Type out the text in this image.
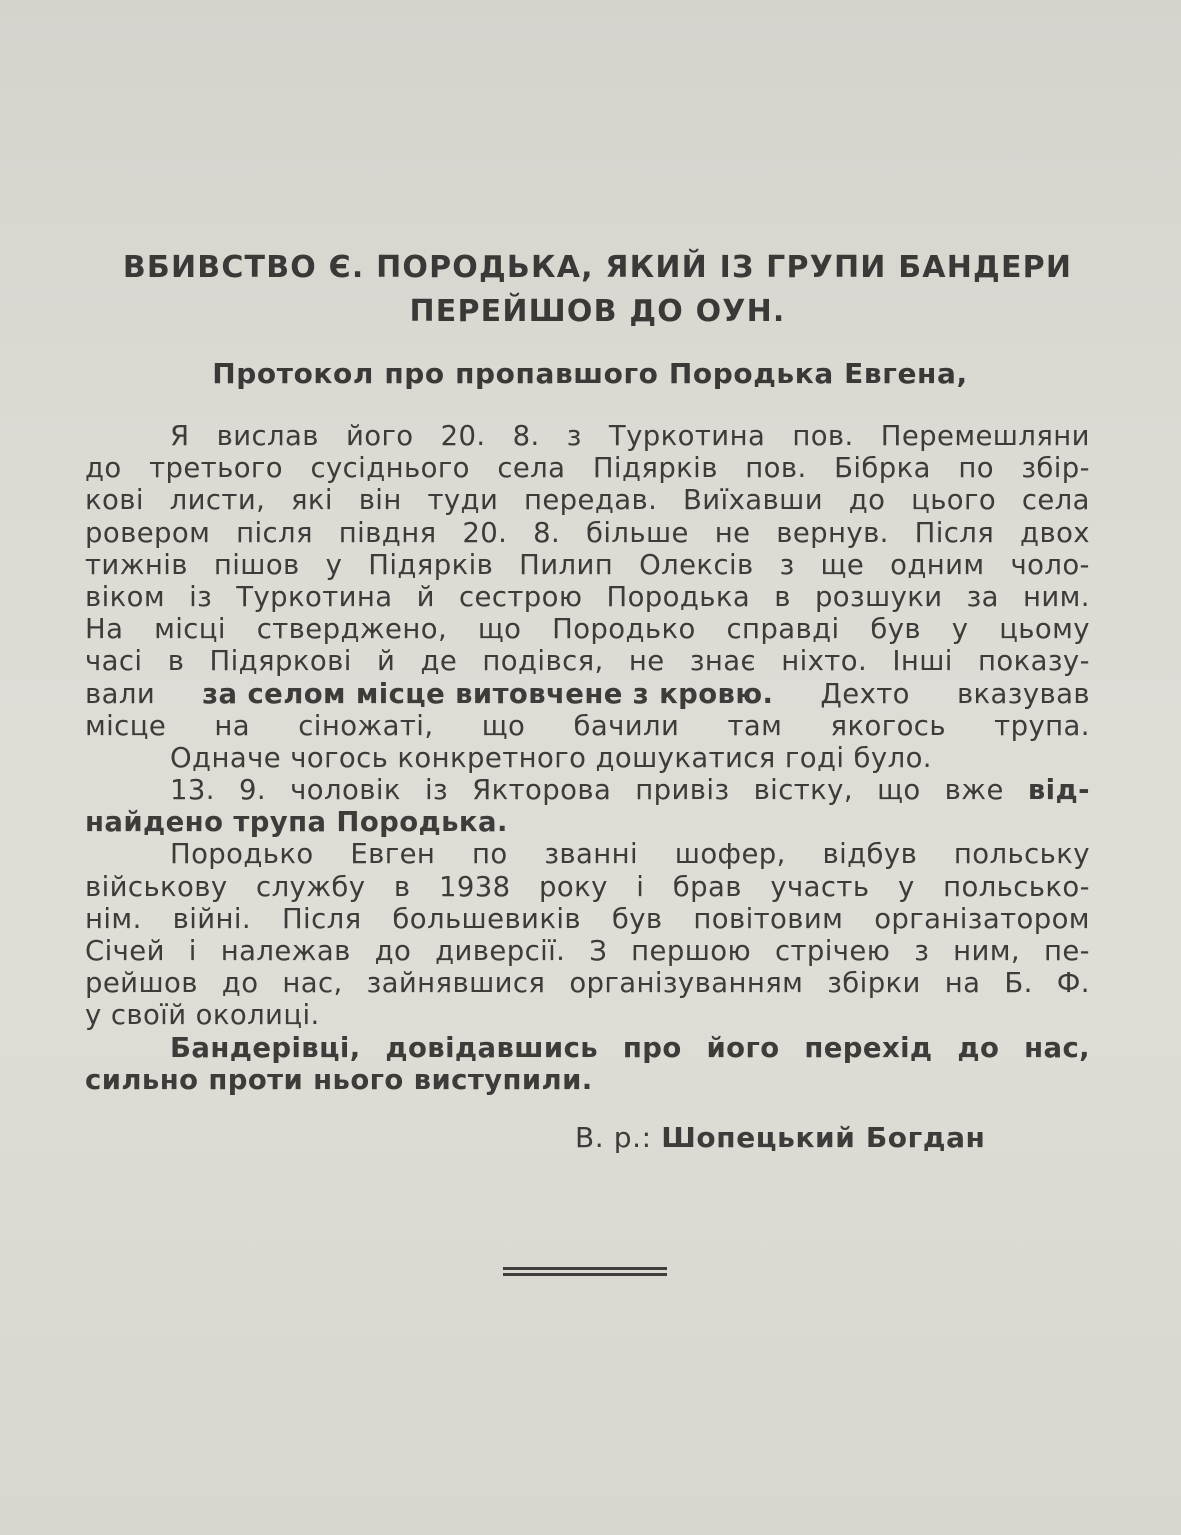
ВБИВСТВО Є. ПОРОДЬКА, ЯКИЙ ІЗ ГРУПИ БАНДЕРИ
ПЕРЕЙШОВ ДО ОУН.
Протокол про пропавшого Породька Евгена,
Я вислав його 20. 8. з Туркотина пов. Перемешляни
до третього сусіднього села Підярків пов. Бібрка по збір-
кові листи, які він туди передав. Виїхавши до цього села
ровером після півдня 20. 8. більше не вернув. Після двох
тижнів пішов у Підярків Пилип Олексів з ще одним чоло-
віком із Туркотина й сестрою Породька в розшуки за ним.
На місці стверджено, що Породько справді був у цьому
часі в Підяркові й де подівся, не знає ніхто. Інші показу-
вали за селом місце витовчене з кровю. Дехто вказував
місце на сіножаті, що бачили там якогось трупа.
Одначе чогось конкретного дошукатися годі було.
13. 9. чоловік із Якторова привіз вістку, що вже від-
найдено трупа Породька.
Породько Евген по званні шофер, відбув польську
військову службу в 1938 року і брав участь у польсько-
нім. війні. Після большевиків був повітовим організатором
Січей і належав до диверсії. З першою стрічею з ним, пе-
рейшов до нас, зайнявшися організуванням збірки на Б. Ф.
у своїй околиці.
Бандерівці, довідавшись про його перехід до нас,
сильно проти нього виступили.
В. р.: Шопецький Богдан
